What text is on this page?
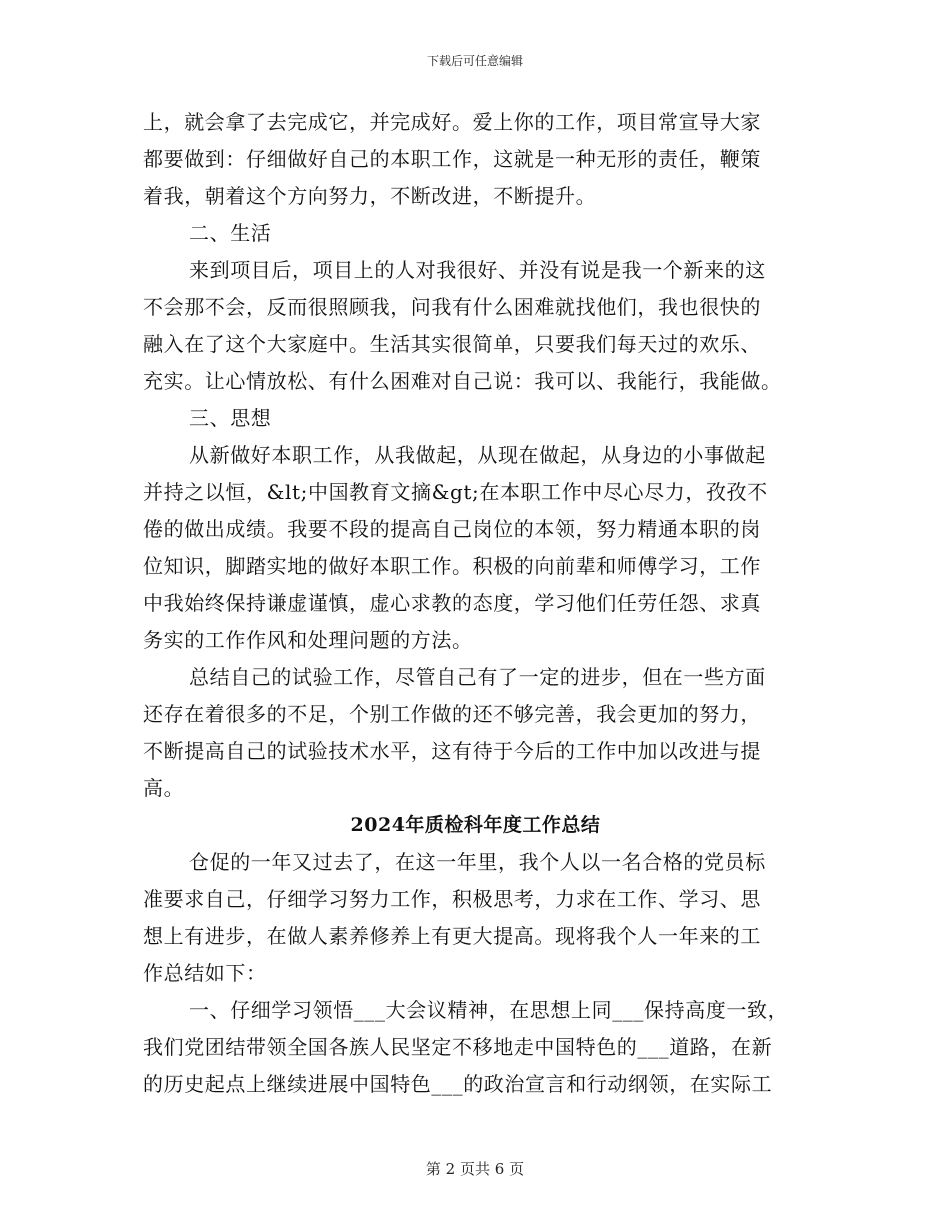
下载后可任意编辑
上，就会拿了去完成它，并完成好。爱上你的工作，项目常宣导大家
都要做到：仔细做好自己的本职工作，这就是一种无形的责任，鞭策
着我，朝着这个方向努力，不断改进，不断提升。
二、生活
来到项目后，项目上的人对我很好、并没有说是我一个新来的这
不会那不会，反而很照顾我，问我有什么困难就找他们，我也很快的
融入在了这个大家庭中。生活其实很简单，只要我们每天过的欢乐、
充实。让心情放松、有什么困难对自己说：我可以、我能行，我能做。
三、思想
从新做好本职工作，从我做起，从现在做起，从身边的小事做起
并持之以恒，&lt;中国教育文摘&gt;在本职工作中尽心尽力，孜孜不
倦的做出成绩。我要不段的提高自己岗位的本领，努力精通本职的岗
位知识，脚踏实地的做好本职工作。积极的向前辈和师傅学习，工作
中我始终保持谦虚谨慎，虚心求教的态度，学习他们任劳任怨、求真
务实的工作作风和处理问题的方法。
总结自己的试验工作，尽管自己有了一定的进步，但在一些方面
还存在着很多的不足，个别工作做的还不够完善，我会更加的努力，
不断提高自己的试验技术水平，这有待于今后的工作中加以改进与提
高。
2024年质检科年度工作总结
仓促的一年又过去了，在这一年里，我个人以一名合格的党员标
准要求自己，仔细学习努力工作，积极思考，力求在工作、学习、思
想上有进步，在做人素养修养上有更大提高。现将我个人一年来的工
作总结如下：
一、仔细学习领悟___大会议精神，在思想上同___保持高度一致，
我们党团结带领全国各族人民坚定不移地走中国特色的___道路，在新
的历史起点上继续进展中国特色___的政治宣言和行动纲领，在实际工
第 2 页共 6 页
